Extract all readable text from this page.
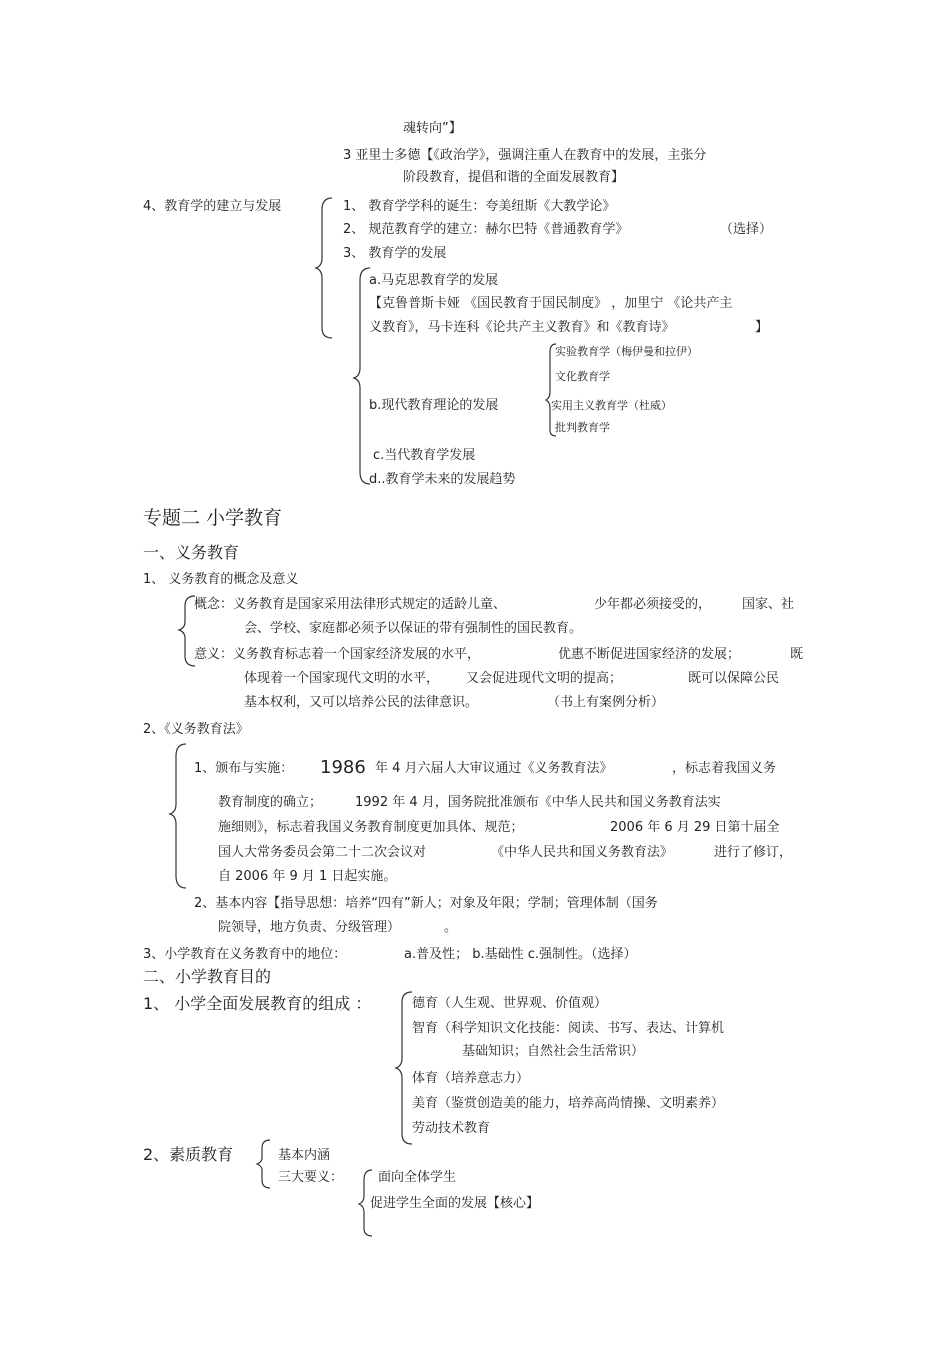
魂转向”】
3 亚里士多德【《政治学》，强调注重人在教育中的发展，主张分
阶段教育，提倡和谐的全面发展教育】
4、教育学的建立与发展	1、 教育学学科的诞生：夸美纽斯《大教学论》
2、 规范教育学的建立：赫尔巴特《普通教育学》	（选择）
3、 教育学的发展
a.马克思教育学的发展
【克鲁普斯卡娅 《国民教育于国民制度》 ，加里宁 《论共产主
义教育》，马卡连科《论共产主义教育》和《教育诗》	】
b.现代教育理论的发展
实验教育学（梅伊曼和拉伊）
文化教育学
实用主义教育学（杜威）
批判教育学
c.当代教育学发展
d..教育学未来的发展趋势
专题二 小学教育
一、义务教育
1、 义务教育的概念及意义
概念：义务教育是国家采用法律形式规定的适龄儿童、	少年都必须接受的， 国家、社
会、学校、家庭都必须予以保证的带有强制性的国民教育。
意义：义务教育标志着一个国家经济发展的水平，	优惠不断促进国家经济的发展；	既
体现着一个国家现代文明的水平， 又会促进现代文明的提高；	既可以保障公民
基本权利，又可以培养公民的法律意识。	（书上有案例分析）
2、《义务教育法》
1、颁布与实施： 1986 年 4 月六届人大审议通过《义务教育法》	，标志着我国义务
教育制度的确立；	1992 年 4 月，国务院批准颁布《中华人民共和国义务教育法实
施细则》，标志着我国义务教育制度更加具体、规范；	2006 年 6 月 29 日第十届全
国人大常务委员会第二十二次会议对	《中华人民共和国义务教育法》	进行了修订，
自 2006 年 9 月 1 日起实施。
2、基本内容【指导思想：培养“四有”新人；对象及年限；学制；管理体制（国务
院领导，地方负责、分级管理）	。
3、小学教育在义务教育中的地位：	a.普及性； b.基础性 c.强制性。（选择）
二、小学教育目的
1、 小学全面发展教育的组成 ：	德育（人生观、世界观、价值观）
智育（科学知识文化技能：阅读、书写、表达、计算机
基础知识；自然社会生活常识）
体育（培养意志力）
美育（鉴赏创造美的能力，培养高尚情操、文明素养）
劳动技术教育
2、素质教育	基本内涵
三大要义：	面向全体学生
促进学生全面的发展【核心】
